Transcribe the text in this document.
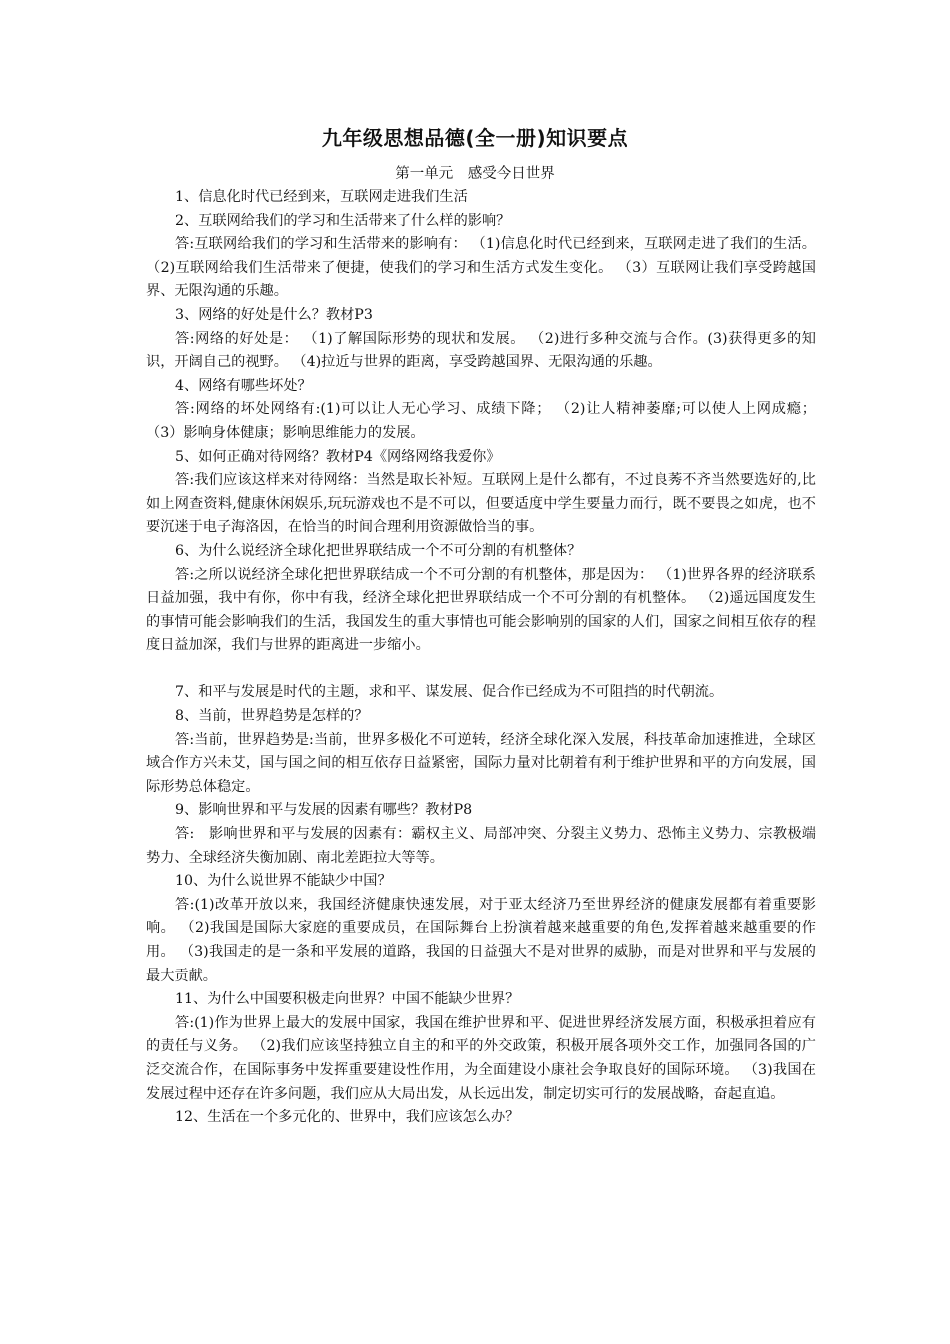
九年级思想品德(全一册)知识要点
第一单元　感受今日世界

1、信息化时代已经到来，互联网走进我们生活

2、互联网给我们的学习和生活带来了什么样的影响？

答:互联网给我们的学习和生活带来的影响有： （1)信息化时代已经到来，互联网走进了我们的生活。 （2)互联网给我们生活带来了便捷，使我们的学习和生活方式发生变化。 （3）互联网让我们享受跨越国界、无限沟通的乐趣。

3、网络的好处是什么？教材P3

答:网络的好处是： （1)了解国际形势的现状和发展。 （2)进行多种交流与合作。(3)获得更多的知识，开阔自己的视野。 （4)拉近与世界的距离，享受跨越国界、无限沟通的乐趣。

4、网络有哪些坏处？

答:网络的坏处网络有:(1)可以让人无心学习、成绩下降； （2)让人精神萎靡;可以使人上网成瘾； （3）影响身体健康；影响思维能力的发展。

5、如何正确对待网络？教材P4《网络网络我爱你》

答:我们应该这样来对待网络：当然是取长补短。互联网上是什么都有，不过良莠不齐当然要选好的,比如上网查资料,健康休闲娱乐,玩玩游戏也不是不可以，但要适度中学生要量力而行，既不要畏之如虎，也不要沉迷于电子海洛因，在恰当的时间合理利用资源做恰当的事。

6、为什么说经济全球化把世界联结成一个不可分割的有机整体？

答:之所以说经济全球化把世界联结成一个不可分割的有机整体，那是因为： （1)世界各界的经济联系日益加强，我中有你，你中有我，经济全球化把世界联结成一个不可分割的有机整体。 （2)遥远国度发生的事情可能会影响我们的生活，我国发生的重大事情也可能会影响别的国家的人们，国家之间相互依存的程度日益加深，我们与世界的距离进一步缩小。

7、和平与发展是时代的主题，求和平、谋发展、促合作已经成为不可阻挡的时代朝流。

8、当前，世界趋势是怎样的？

答:当前，世界趋势是:当前，世界多极化不可逆转，经济全球化深入发展，科技革命加速推进，全球区域合作方兴未艾，国与国之间的相互依存日益紧密，国际力量对比朝着有利于维护世界和平的方向发展，国际形势总体稳定。

9、影响世界和平与发展的因素有哪些？教材P8

答:　影响世界和平与发展的因素有：霸权主义、局部冲突、分裂主义势力、恐怖主义势力、宗教极端势力、全球经济失衡加剧、南北差距拉大等等。

10、为什么说世界不能缺少中国？

答:(1)改革开放以来，我国经济健康快速发展，对于亚太经济乃至世界经济的健康发展都有着重要影响。 （2)我国是国际大家庭的重要成员，在国际舞台上扮演着越来越重要的角色,发挥着越来越重要的作用。 （3)我国走的是一条和平发展的道路，我国的日益强大不是对世界的威胁，而是对世界和平与发展的最大贡献。

11、为什么中国要积极走向世界？中国不能缺少世界？

答:(1)作为世界上最大的发展中国家，我国在维护世界和平、促进世界经济发展方面，积极承担着应有的责任与义务。 （2)我们应该坚持独立自主的和平的外交政策，积极开展各项外交工作，加强同各国的广泛交流合作，在国际事务中发挥重要建设性作用，为全面建设小康社会争取良好的国际环境。 （3)我国在发展过程中还存在许多问题，我们应从大局出发，从长远出发，制定切实可行的发展战略，奋起直追。

12、生活在一个多元化的、世界中，我们应该怎么办？
